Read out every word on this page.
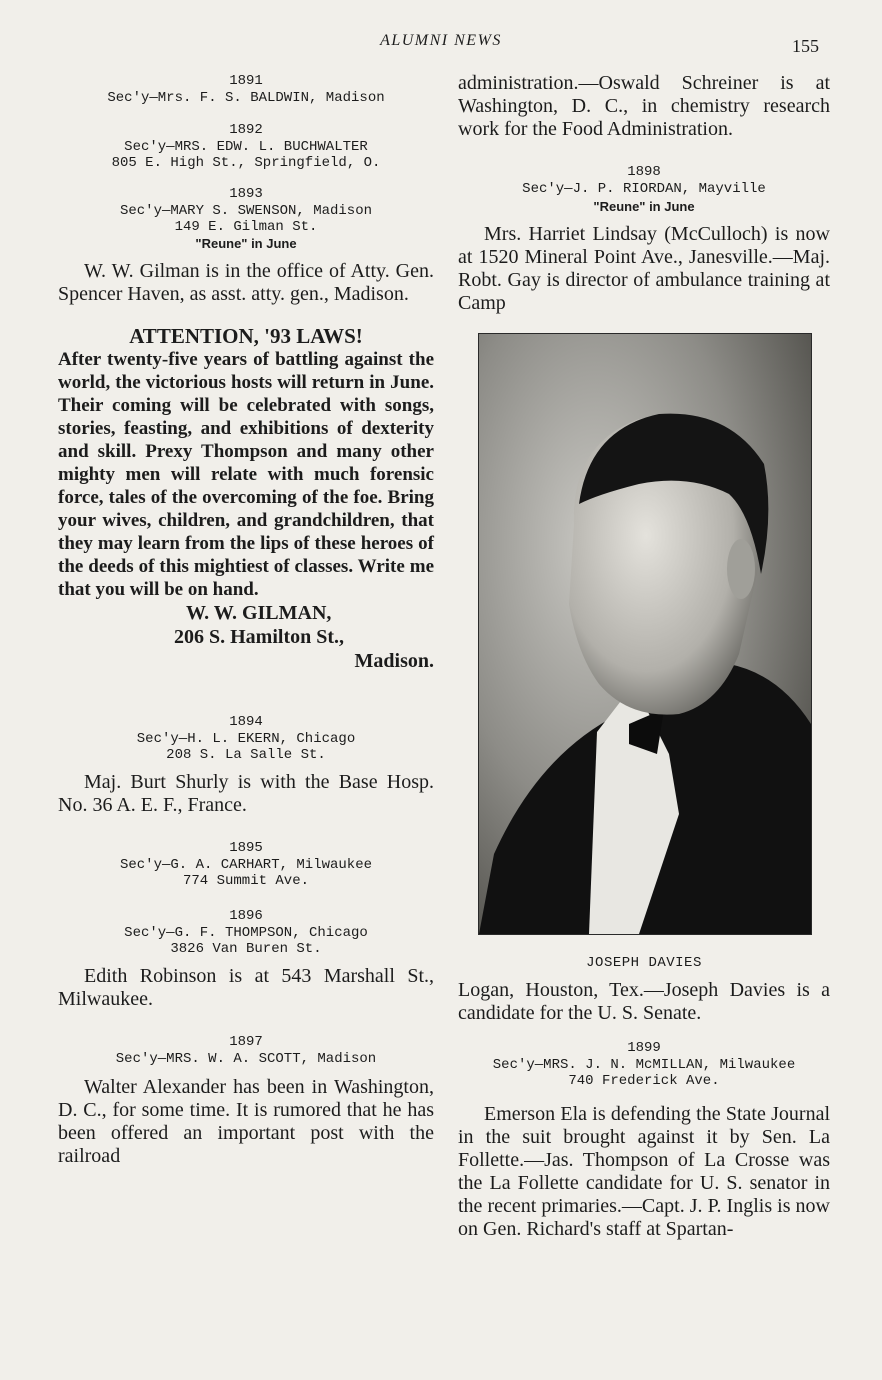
ALUMNI NEWS	155

1891

Sec'y—Mrs. F. S. BALDWIN, Madison

1892

Sec'y—MRS. EDW. L. BUCHWALTER

805 E. High St., Springfield, O.

1893

Sec'y—MARY S. SWENSON, Madison

149 E. Gilman St.

"Reune" in June

W. W. Gilman is in the office of Atty. Gen. Spencer Haven, as asst. atty. gen., Madison.

ATTENTION, '93 LAWS!

After twenty-five years of battling against the world, the victorious hosts will return in June. Their coming will be celebrated with songs, stories, feasting, and exhibitions of dexterity and skill. Prexy Thompson and many other mighty men will relate with much forensic force, tales of the overcoming of the foe. Bring your wives, children, and grandchildren, that they may learn from the lips of these heroes of the deeds of this mightiest of classes. Write me that you will be on hand.

W. W. GILMAN,

206 S. Hamilton St.,

Madison.

1894

Sec'y—H. L. EKERN, Chicago

208 S. La Salle St.

Maj. Burt Shurly is with the Base Hosp. No. 36 A. E. F., France.

1895

Sec'y—G. A. CARHART, Milwaukee

774 Summit Ave.

1896

Sec'y—G. F. THOMPSON, Chicago

3826 Van Buren St.

Edith Robinson is at 543 Marshall St., Milwaukee.

1897

Sec'y—MRS. W. A. SCOTT, Madison

Walter Alexander has been in Washington, D. C., for some time. It is rumored that he has been offered an important post with the railroad

administration.—Oswald Schreiner is at Washington, D. C., in chemistry research work for the Food Administration.

1898

Sec'y—J. P. RIORDAN, Mayville

"Reune" in June

Mrs. Harriet Lindsay (McCulloch) is now at 1520 Mineral Point Ave., Janesville.—Maj. Robt. Gay is director of ambulance training at Camp

JOSEPH DAVIES

Logan, Houston, Tex.—Joseph Davies is a candidate for the U. S. Senate.

1899

Sec'y—MRS. J. N. McMILLAN, Milwaukee

740 Frederick Ave.

Emerson Ela is defending the State Journal in the suit brought against it by Sen. La Follette.—Jas. Thompson of La Crosse was the La Follette candidate for U. S. senator in the recent primaries.—Capt. J. P. Inglis is now on Gen. Richard's staff at Spartan-
